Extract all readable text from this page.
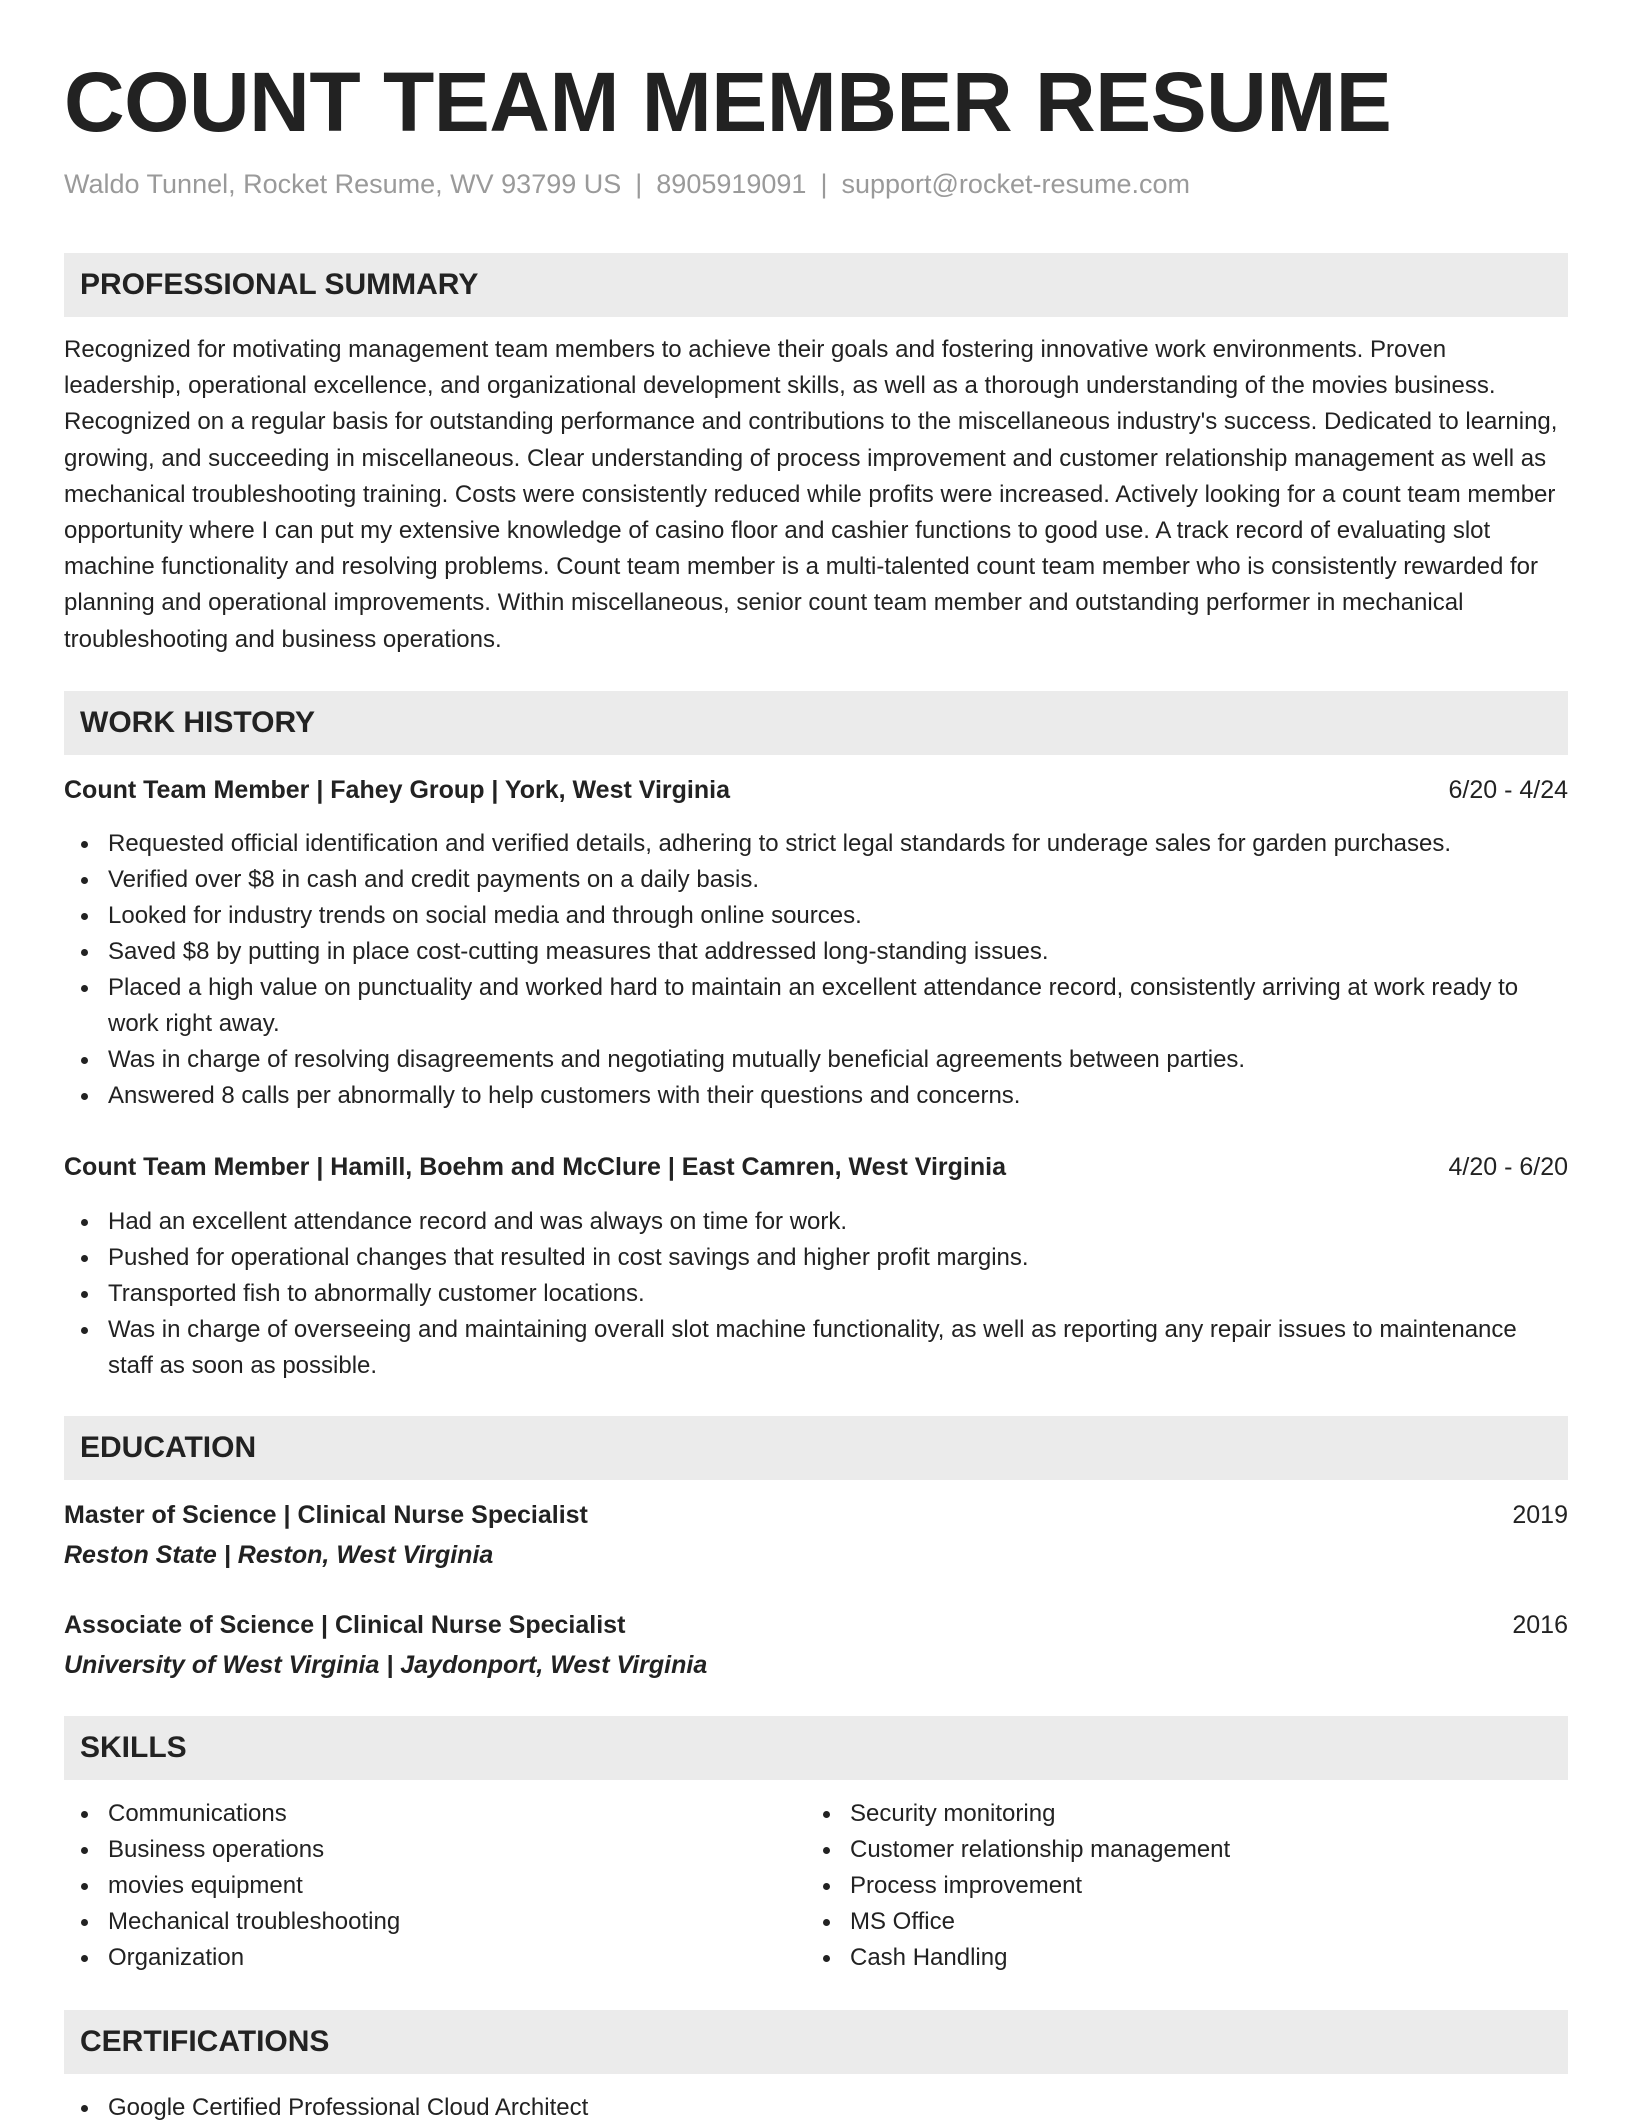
COUNT TEAM MEMBER RESUME
Waldo Tunnel, Rocket Resume, WV 93799 US | 8905919091 | support@rocket-resume.com
PROFESSIONAL SUMMARY
Recognized for motivating management team members to achieve their goals and fostering innovative work environments. Proven leadership, operational excellence, and organizational development skills, as well as a thorough understanding of the movies business. Recognized on a regular basis for outstanding performance and contributions to the miscellaneous industry's success. Dedicated to learning, growing, and succeeding in miscellaneous. Clear understanding of process improvement and customer relationship management as well as mechanical troubleshooting training. Costs were consistently reduced while profits were increased. Actively looking for a count team member opportunity where I can put my extensive knowledge of casino floor and cashier functions to good use. A track record of evaluating slot machine functionality and resolving problems. Count team member is a multi-talented count team member who is consistently rewarded for planning and operational improvements. Within miscellaneous, senior count team member and outstanding performer in mechanical troubleshooting and business operations.
WORK HISTORY
Count Team Member | Fahey Group | York, West Virginia	6/20 - 4/24
Requested official identification and verified details, adhering to strict legal standards for underage sales for garden purchases.
Verified over $8 in cash and credit payments on a daily basis.
Looked for industry trends on social media and through online sources.
Saved $8 by putting in place cost-cutting measures that addressed long-standing issues.
Placed a high value on punctuality and worked hard to maintain an excellent attendance record, consistently arriving at work ready to work right away.
Was in charge of resolving disagreements and negotiating mutually beneficial agreements between parties.
Answered 8 calls per abnormally to help customers with their questions and concerns.
Count Team Member | Hamill, Boehm and McClure | East Camren, West Virginia	4/20 - 6/20
Had an excellent attendance record and was always on time for work.
Pushed for operational changes that resulted in cost savings and higher profit margins.
Transported fish to abnormally customer locations.
Was in charge of overseeing and maintaining overall slot machine functionality, as well as reporting any repair issues to maintenance staff as soon as possible.
EDUCATION
Master of Science | Clinical Nurse Specialist	2019
Reston State | Reston, West Virginia
Associate of Science | Clinical Nurse Specialist	2016
University of West Virginia | Jaydonport, West Virginia
SKILLS
Communications
Business operations
movies equipment
Mechanical troubleshooting
Organization
Security monitoring
Customer relationship management
Process improvement
MS Office
Cash Handling
CERTIFICATIONS
Google Certified Professional Cloud Architect
